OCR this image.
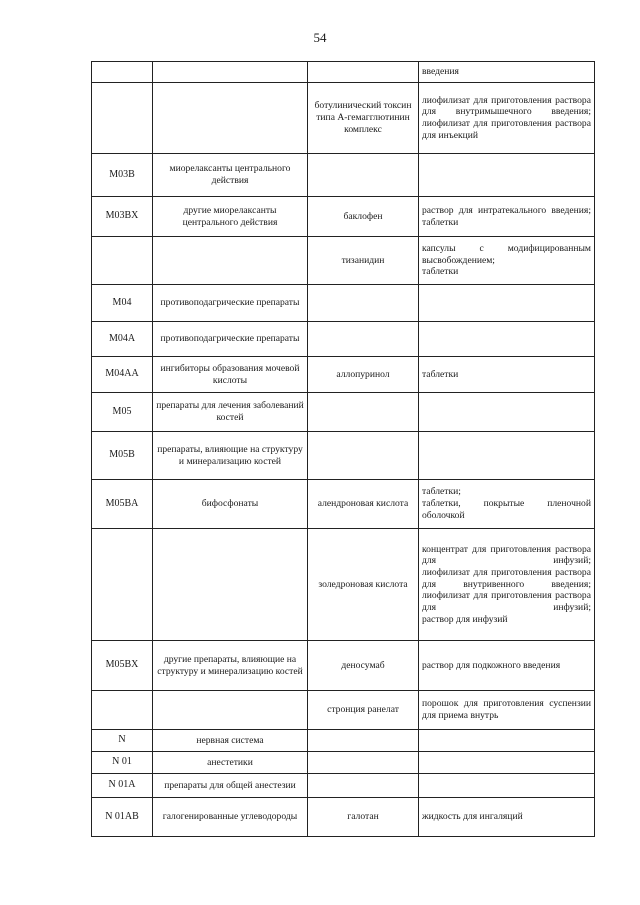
54

			введения

		ботулинический токсин типа А-гемагглютинин комплекс	лиофилизат для приготовления раствора для внутримышечного введения;
лиофилизат для приготовления раствора для инъекций

M03B	миорелаксанты центрального действия		
M03BX	другие миорелаксанты центрального действия	баклофен	раствор для интратекального введения;
таблетки

		тизанидин	капсулы с модифицированным высвобождением;
таблетки

M04	противоподагрические препараты		
M04A	противоподагрические препараты		
M04AA	ингибиторы образования мочевой кислоты	аллопуринол	таблетки

M05	препараты для лечения заболеваний костей		
M05B	препараты, влияющие на структуру и минерализацию костей		
M05BA	бифосфонаты	алендроновая кислота	таблетки;
таблетки, покрытые пленочной оболочкой

		золедроновая кислота	концентрат для приготовления раствора для инфузий;
лиофилизат для приготовления раствора для внутривенного введения;
лиофилизат для приготовления раствора для инфузий;
раствор для инфузий

M05BX	другие препараты, влияющие на структуру и минерализацию костей	деносумаб	раствор для подкожного введения

		стронция ранелат	порошок для приготовления суспензии для приема внутрь

N	нервная система		
N 01	анестетики		
N 01A	препараты для общей анестезии		
N 01AB	галогенированные углеводороды	галотан	жидкость для ингаляций
